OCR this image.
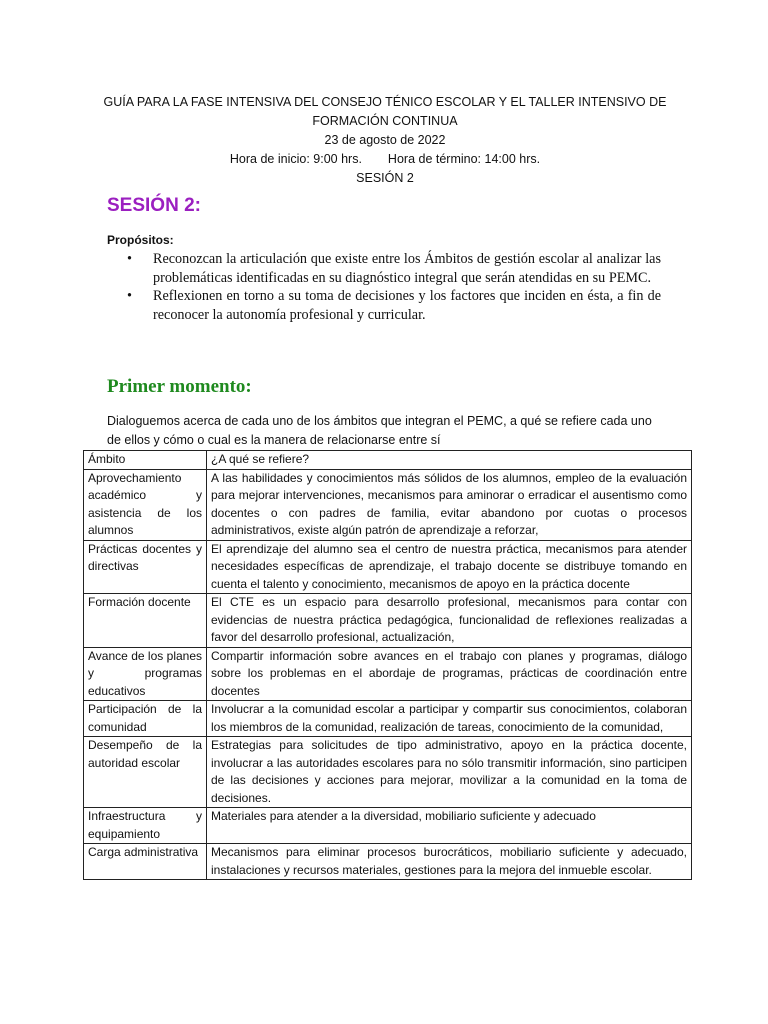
GUÍA PARA LA FASE INTENSIVA DEL CONSEJO TÉNICO ESCOLAR Y EL TALLER INTENSIVO DE
FORMACIÓN CONTINUA
23 de agosto de 2022
Hora de inicio: 9:00 hrs. Hora de término: 14:00 hrs.
SESIÓN 2
SESIÓN 2:
Propósitos:
• Reconozcan la articulación que existe entre los Ámbitos de gestión escolar al analizar las problemáticas identificadas en su diagnóstico integral que serán atendidas en su PEMC.
• Reflexionen en torno a su toma de decisiones y los factores que inciden en ésta, a fin de reconocer la autonomía profesional y curricular.
Primer momento:
Dialoguemos acerca de cada uno de los ámbitos que integran el PEMC, a qué se refiere cada uno de ellos y cómo o cual es la manera de relacionarse entre sí
Ámbito	¿A qué se refiere?
Aprovechamiento académico y asistencia de los alumnos	A las habilidades y conocimientos más sólidos de los alumnos, empleo de la evaluación para mejorar intervenciones, mecanismos para aminorar o erradicar el ausentismo como docentes o con padres de familia, evitar abandono por cuotas o procesos administrativos, existe algún patrón de aprendizaje a reforzar,
Prácticas docentes y directivas	El aprendizaje del alumno sea el centro de nuestra práctica, mecanismos para atender necesidades específicas de aprendizaje, el trabajo docente se distribuye tomando en cuenta el talento y conocimiento, mecanismos de apoyo en la práctica docente
Formación docente	El CTE es un espacio para desarrollo profesional, mecanismos para contar con evidencias de nuestra práctica pedagógica, funcionalidad de reflexiones realizadas a favor del desarrollo profesional, actualización,
Avance de los planes y programas educativos	Compartir información sobre avances en el trabajo con planes y programas, diálogo sobre los problemas en el abordaje de programas, prácticas de coordinación entre docentes
Participación de la comunidad	Involucrar a la comunidad escolar a participar y compartir sus conocimientos, colaboran los miembros de la comunidad, realización de tareas, conocimiento de la comunidad,
Desempeño de la autoridad escolar	Estrategias para solicitudes de tipo administrativo, apoyo en la práctica docente, involucrar a las autoridades escolares para no sólo transmitir información, sino participen de las decisiones y acciones para mejorar, movilizar a la comunidad en la toma de decisiones.
Infraestructura y equipamiento	Materiales para atender a la diversidad, mobiliario suficiente y adecuado
Carga administrativa	Mecanismos para eliminar procesos burocráticos, mobiliario suficiente y adecuado, instalaciones y recursos materiales, gestiones para la mejora del inmueble escolar.
